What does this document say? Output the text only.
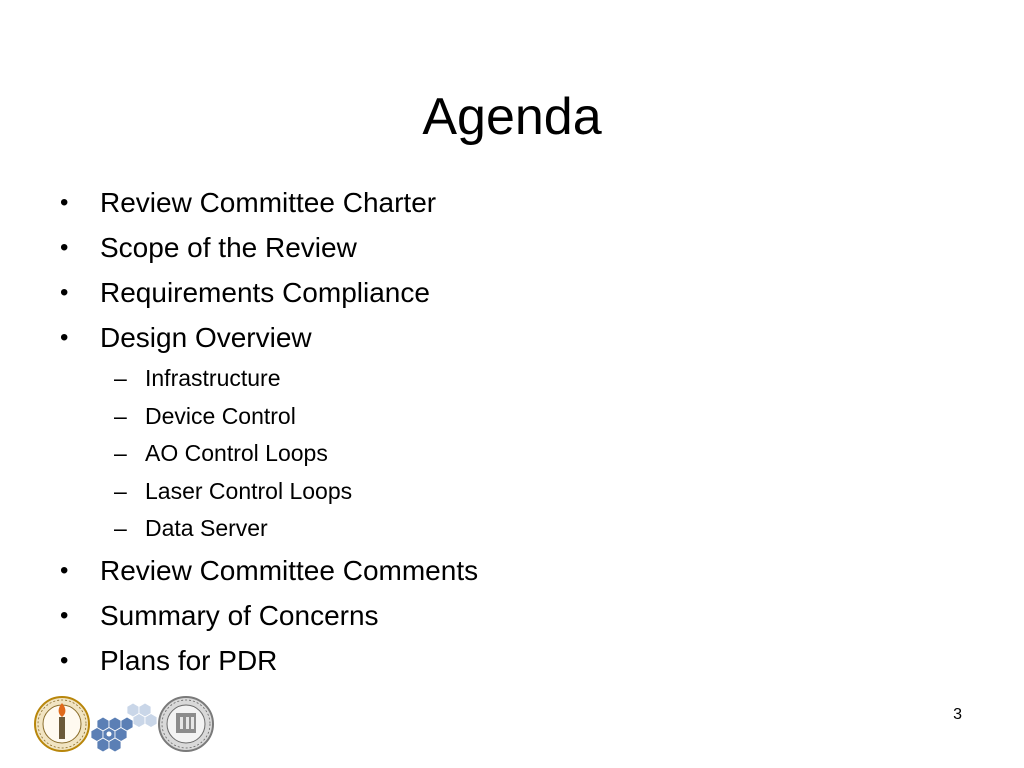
Agenda
• Review Committee Charter
• Scope of the Review
• Requirements Compliance
• Design Overview
– Infrastructure
– Device Control
– AO Control Loops
– Laser Control Loops
– Data Server
• Review Committee Comments
• Summary of Concerns
• Plans for PDR
3
